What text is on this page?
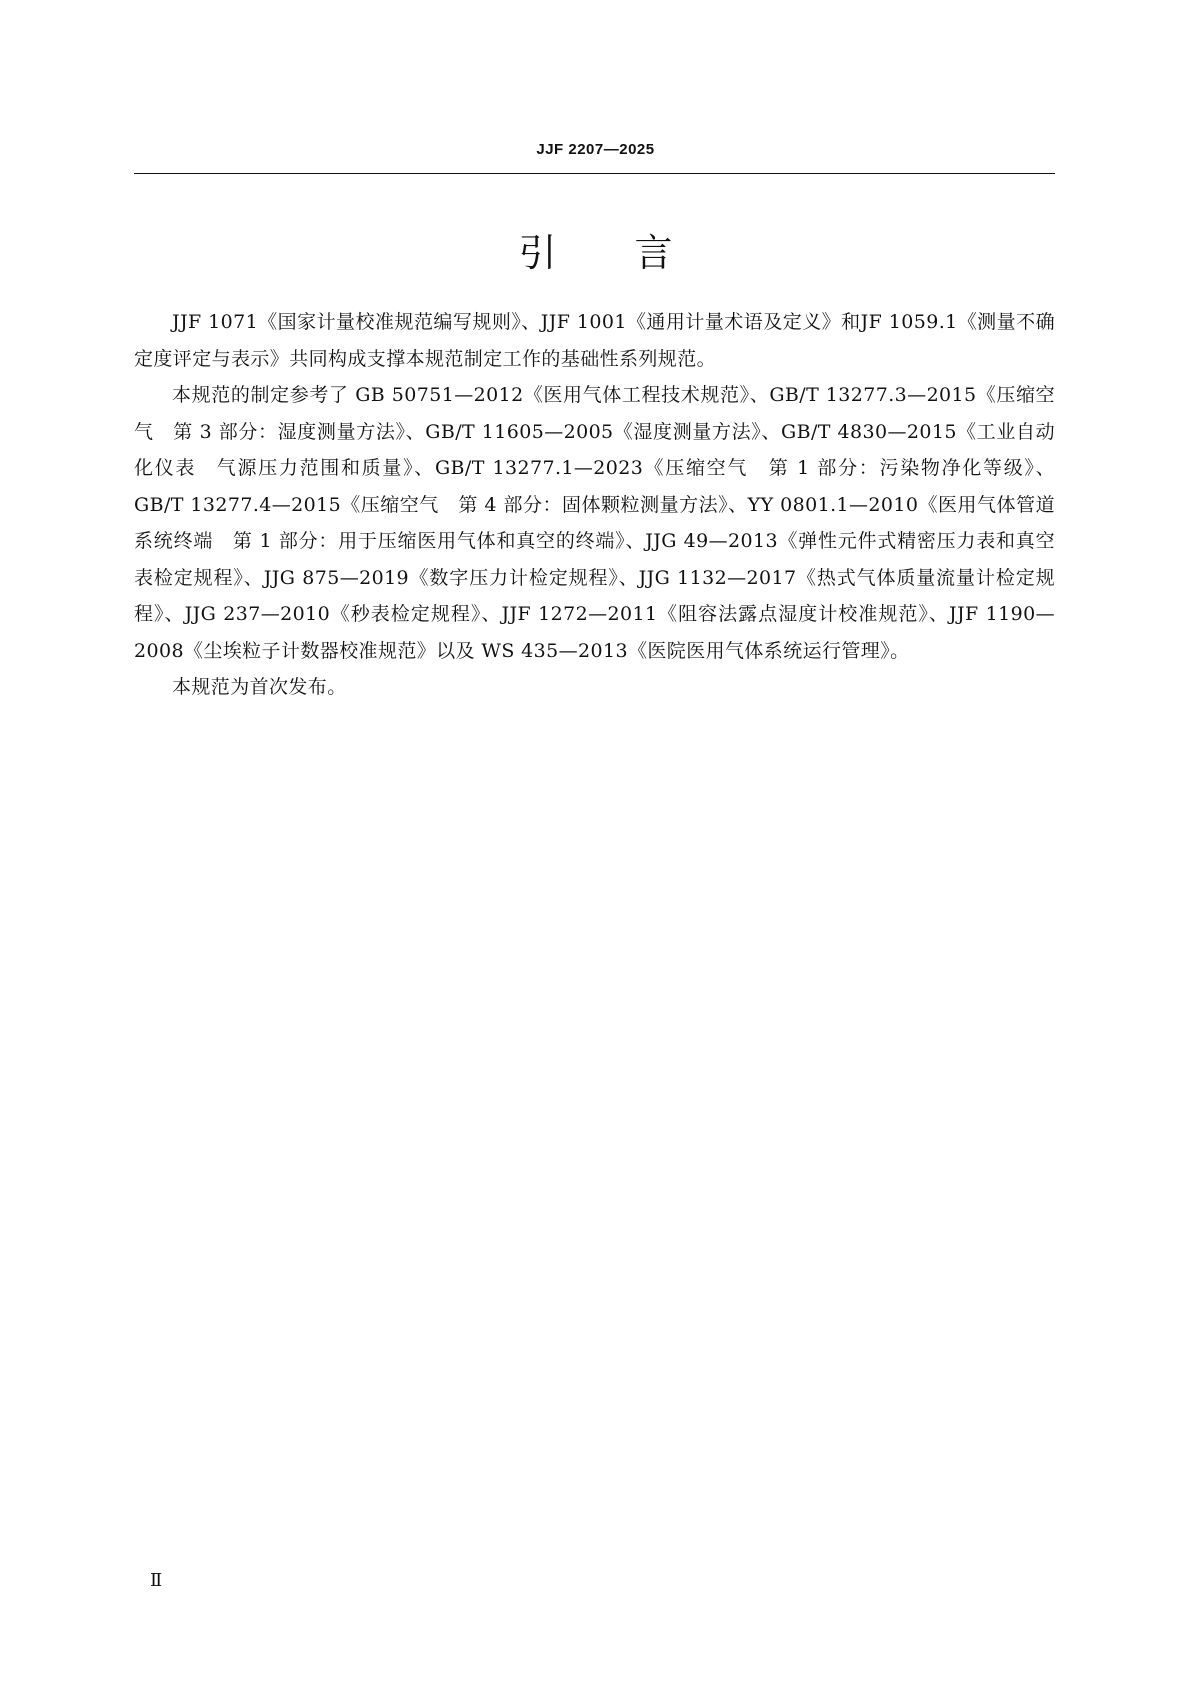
JJF 2207—2025
引言

JJF 1071《国家计量校准规范编写规则》、JJF 1001《通用计量术语及定义》和JF 1059.1《测量不确定度评定与表示》共同构成支撑本规范制定工作的基础性系列规范。

本规范的制定参考了 GB 50751—2012《医用气体工程技术规范》、GB/T 13277.3—2015《压缩空气　第 3 部分：湿度测量方法》、GB/T 11605—2005《湿度测量方法》、GB/T 4830—2015《工业自动化仪表　气源压力范围和质量》、GB/T 13277.1—2023《压缩空气　第 1 部分：污染物净化等级》、GB/T 13277.4—2015《压缩空气　第 4 部分：固体颗粒测量方法》、YY 0801.1—2010《医用气体管道系统终端　第 1 部分：用于压缩医用气体和真空的终端》、JJG 49—2013《弹性元件式精密压力表和真空表检定规程》、JJG 875—2019《数字压力计检定规程》、JJG 1132—2017《热式气体质量流量计检定规程》、JJG 237—2010《秒表检定规程》、JJF 1272—2011《阻容法露点湿度计校准规范》、JJF 1190—2008《尘埃粒子计数器校准规范》以及 WS 435—2013《医院医用气体系统运行管理》。

本规范为首次发布。

Ⅱ
